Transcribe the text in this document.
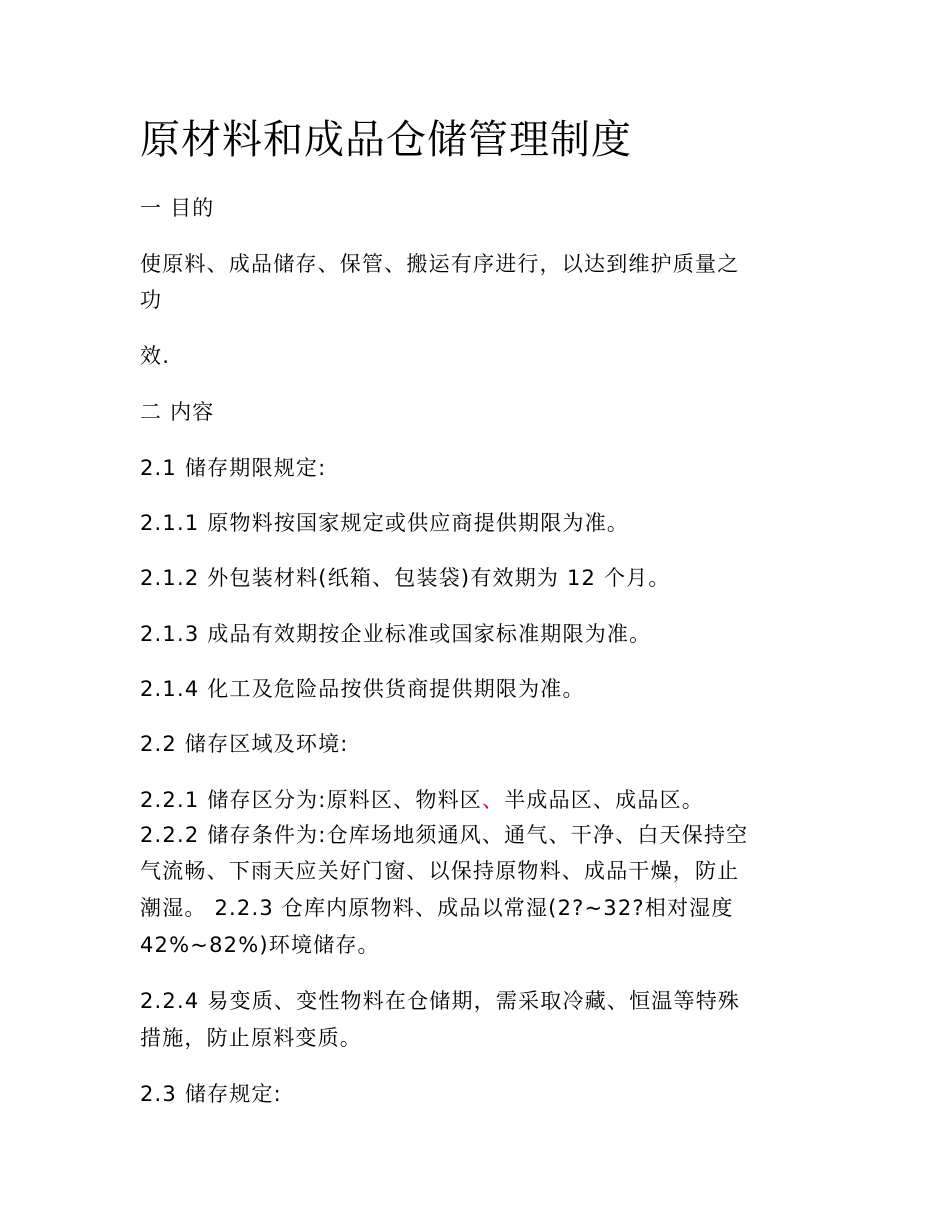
原材料和成品仓储管理制度
一 目的
使原料、成品储存、保管、搬运有序进行，以达到维护质量之
功
效.
二 内容
2.1 储存期限规定:
2.1.1 原物料按国家规定或供应商提供期限为准。
2.1.2 外包装材料(纸箱、包装袋)有效期为 12 个月。
2.1.3 成品有效期按企业标准或国家标准期限为准。
2.1.4 化工及危险品按供货商提供期限为准。
2.2 储存区域及环境:
2.2.1 储存区分为:原料区、物料区、半成品区、成品区。
2.2.2 储存条件为:仓库场地须通风、通气、干净、白天保持空
气流畅、下雨天应关好门窗、以保持原物料、成品干燥，防止
潮湿。 2.2.3 仓库内原物料、成品以常湿(2?~32?相对湿度
42%~82%)环境储存。
2.2.4 易变质、变性物料在仓储期，需采取冷藏、恒温等特殊
措施，防止原料变质。
2.3 储存规定:
